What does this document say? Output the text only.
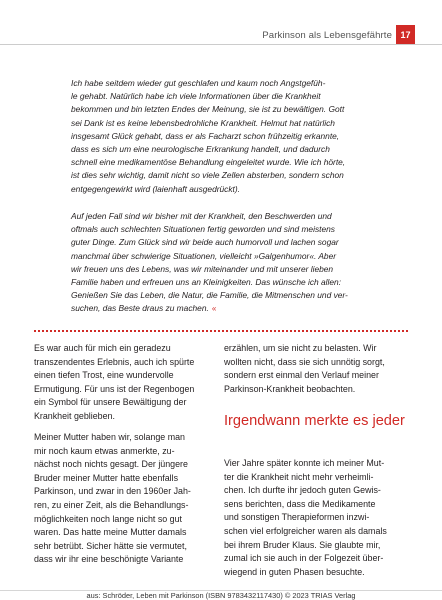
Parkinson als Lebensgefährte 17
Ich habe seitdem wieder gut geschlafen und kaum noch Angstgefüh-
le gehabt. Natürlich habe ich viele Informationen über die Krankheit
bekommen und bin letzten Endes der Meinung, sie ist zu bewältigen. Gott
sei Dank ist es keine lebensbedrohliche Krankheit. Helmut hat natürlich
insgesamt Glück gehabt, dass er als Facharzt schon frühzeitig erkannte,
dass es sich um eine neurologische Erkrankung handelt, und dadurch
schnell eine medikamentöse Behandlung eingeleitet wurde. Wie ich hörte,
ist dies sehr wichtig, damit nicht so viele Zellen absterben, sondern schon
entgegengewirkt wird (laienhaft ausgedrückt).
Auf jeden Fall sind wir bisher mit der Krankheit, den Beschwerden und
oftmals auch schlechten Situationen fertig geworden und sind meistens
guter Dinge. Zum Glück sind wir beide auch humorvoll und lachen sogar
manchmal über schwierige Situationen, vielleicht »Galgenhumor«. Aber
wir freuen uns des Lebens, was wir miteinander und mit unserer lieben
Familie haben und erfreuen uns an Kleinigkeiten. Das wünsche ich allen:
Genießen Sie das Leben, die Natur, die Familie, die Mitmenschen und ver-
suchen, das Beste draus zu machen. «
Es war auch für mich ein geradezu
transzendentes Erlebnis, auch ich spürte
einen tiefen Trost, eine wundervolle
Ermutigung. Für uns ist der Regenbogen
ein Symbol für unsere Bewältigung der
Krankheit geblieben.
Meiner Mutter haben wir, solange man
mir noch kaum etwas anmerkte, zu-
nächst noch nichts gesagt. Der jüngere
Bruder meiner Mutter hatte ebenfalls
Parkinson, und zwar in den 1960er Jah-
ren, zu einer Zeit, als die Behandlungs-
möglichkeiten noch lange nicht so gut
waren. Das hatte meine Mutter damals
sehr betrübt. Sicher hätte sie vermutet,
dass wir ihr eine beschönigte Variante
erzählen, um sie nicht zu belasten. Wir
wollten nicht, dass sie sich unnötig sorgt,
sondern erst einmal den Verlauf meiner
Parkinson-Krankheit beobachten.
Irgendwann merkte es jeder
Vier Jahre später konnte ich meiner Mut-
ter die Krankheit nicht mehr verheimli-
chen. Ich durfte ihr jedoch guten Gewis-
sens berichten, dass die Medikamente
und sonstigen Therapieformen inzwi-
schen viel erfolgreicher waren als damals
bei ihrem Bruder Klaus. Sie glaubte mir,
zumal ich sie auch in der Folgezeit über-
wiegend in guten Phasen besuchte.
aus: Schröder, Leben mit Parkinson (ISBN 9783432117430) © 2023 TRIAS Verlag
